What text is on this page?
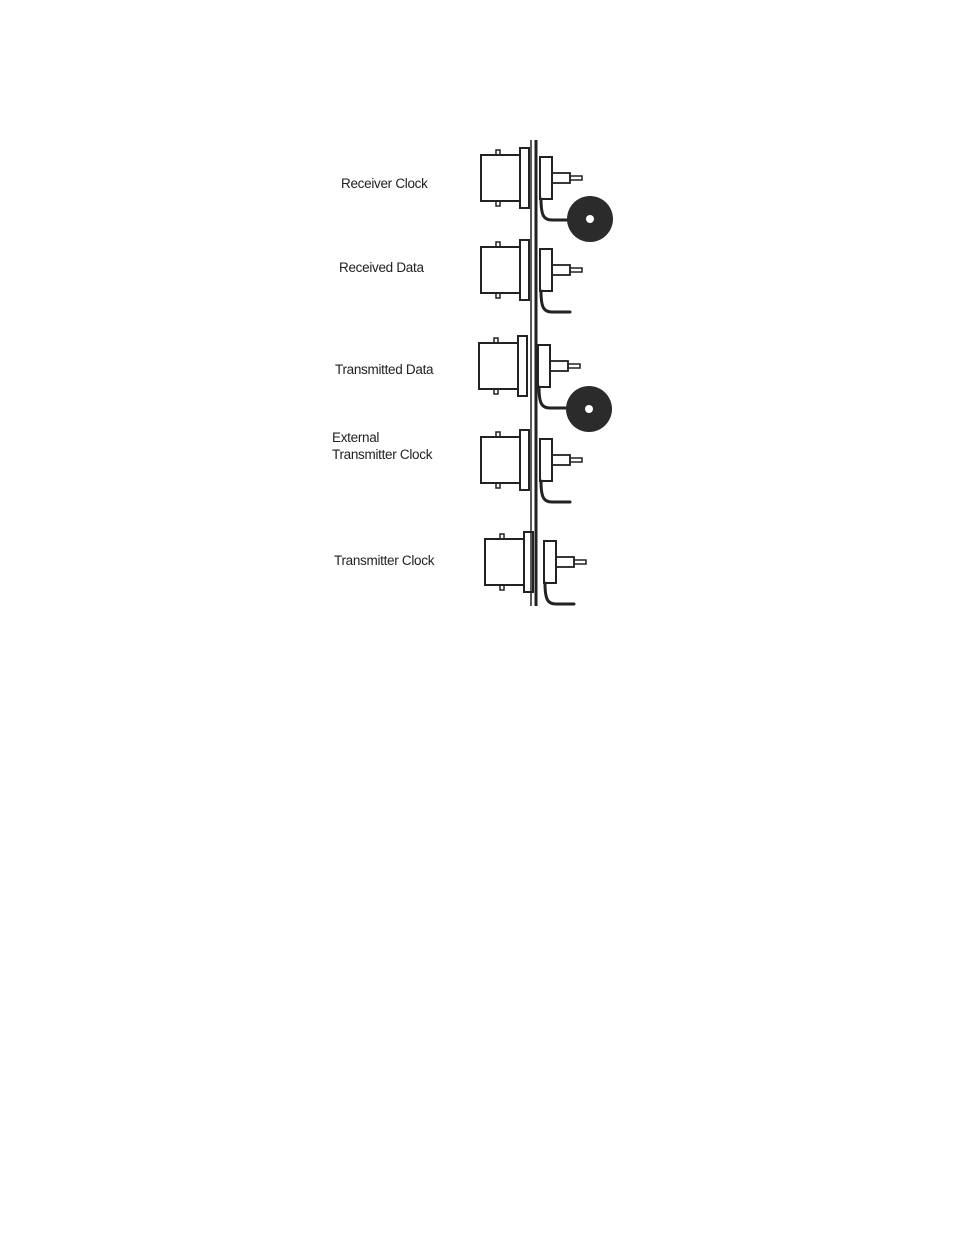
Receiver Clock
Received Data
Transmitted Data
External
Transmitter Clock
Transmitter Clock
